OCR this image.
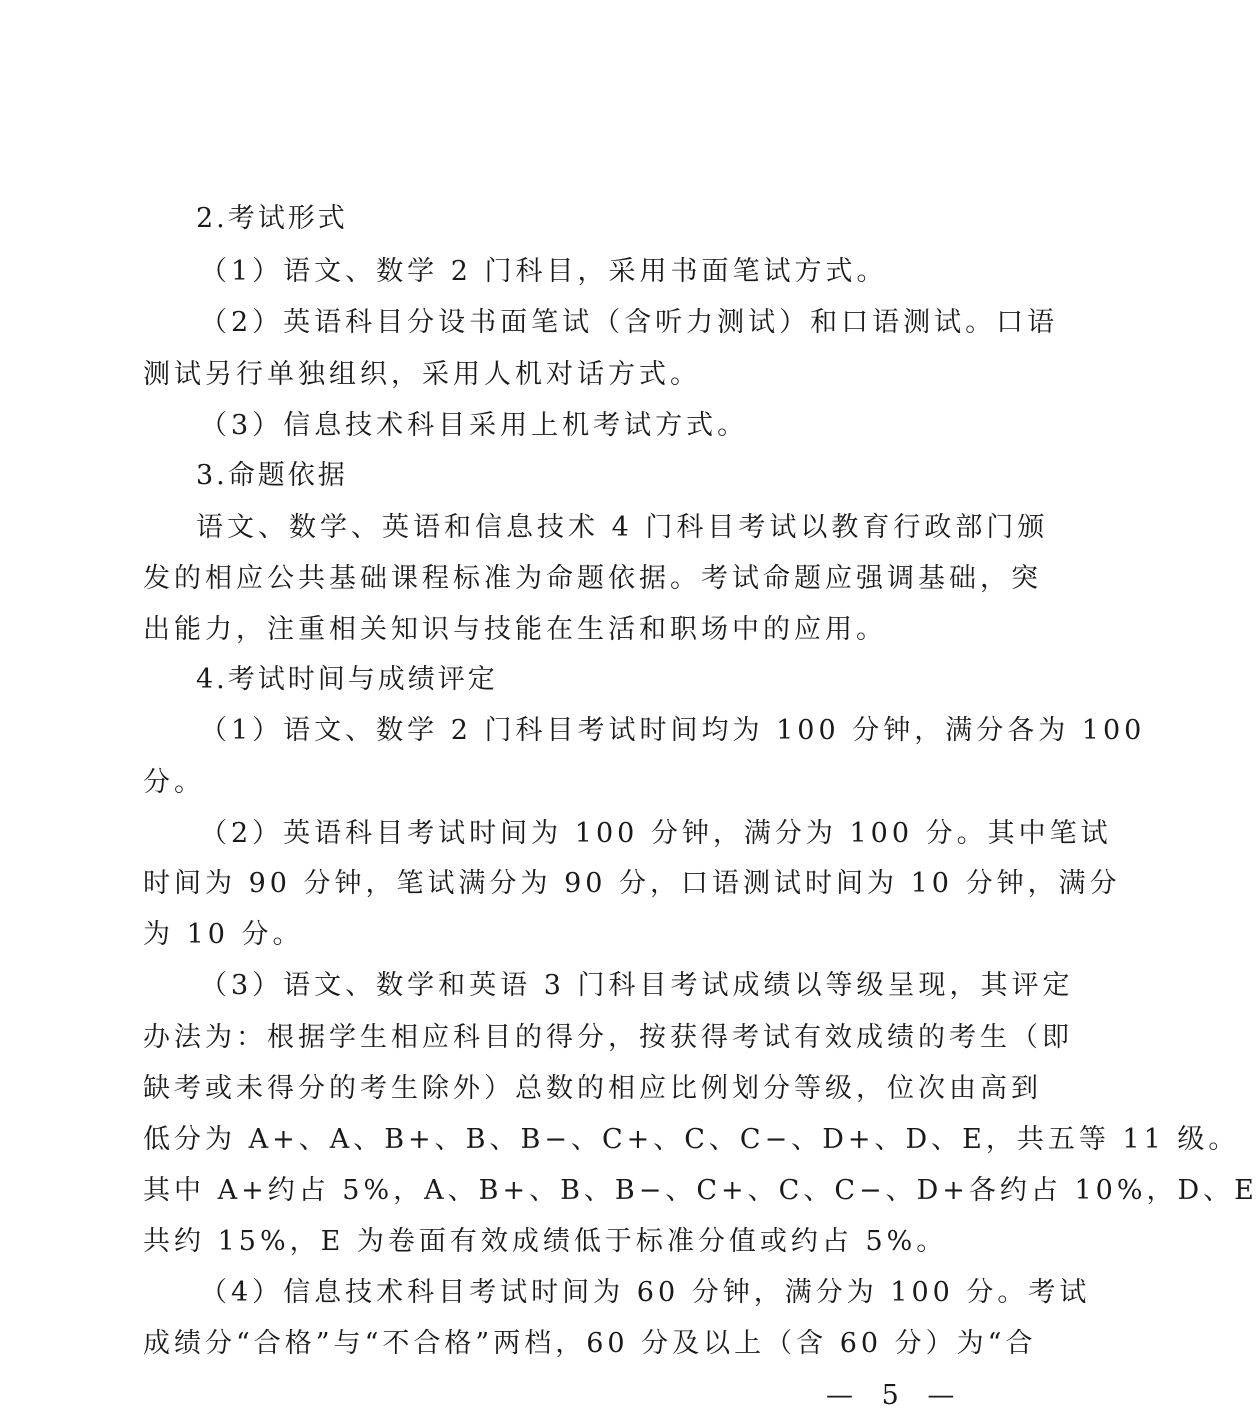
2.考试形式
（1）语文、数学 2 门科目，采用书面笔试方式。
（2）英语科目分设书面笔试（含听力测试）和口语测试。口语
测试另行单独组织，采用人机对话方式。
（3）信息技术科目采用上机考试方式。
3.命题依据
语文、数学、英语和信息技术 4 门科目考试以教育行政部门颁
发的相应公共基础课程标准为命题依据。考试命题应强调基础，突
出能力，注重相关知识与技能在生活和职场中的应用。
4.考试时间与成绩评定
（1）语文、数学 2 门科目考试时间均为 100 分钟，满分各为 100
分。
（2）英语科目考试时间为 100 分钟，满分为 100 分。其中笔试
时间为 90 分钟，笔试满分为 90 分，口语测试时间为 10 分钟，满分
为 10 分。
（3）语文、数学和英语 3 门科目考试成绩以等级呈现，其评定
办法为：根据学生相应科目的得分，按获得考试有效成绩的考生（即
缺考或未得分的考生除外）总数的相应比例划分等级，位次由高到
低分为 A+、A、B+、B、B−、C+、C、C−、D+、D、E，共五等 11 级。
其中 A+约占 5%，A、B+、B、B−、C+、C、C−、D+各约占 10%，D、E
共约 15%，E 为卷面有效成绩低于标准分值或约占 5%。
（4）信息技术科目考试时间为 60 分钟，满分为 100 分。考试
成绩分“合格”与“不合格”两档，60 分及以上（含 60 分）为“合
— 5 —
